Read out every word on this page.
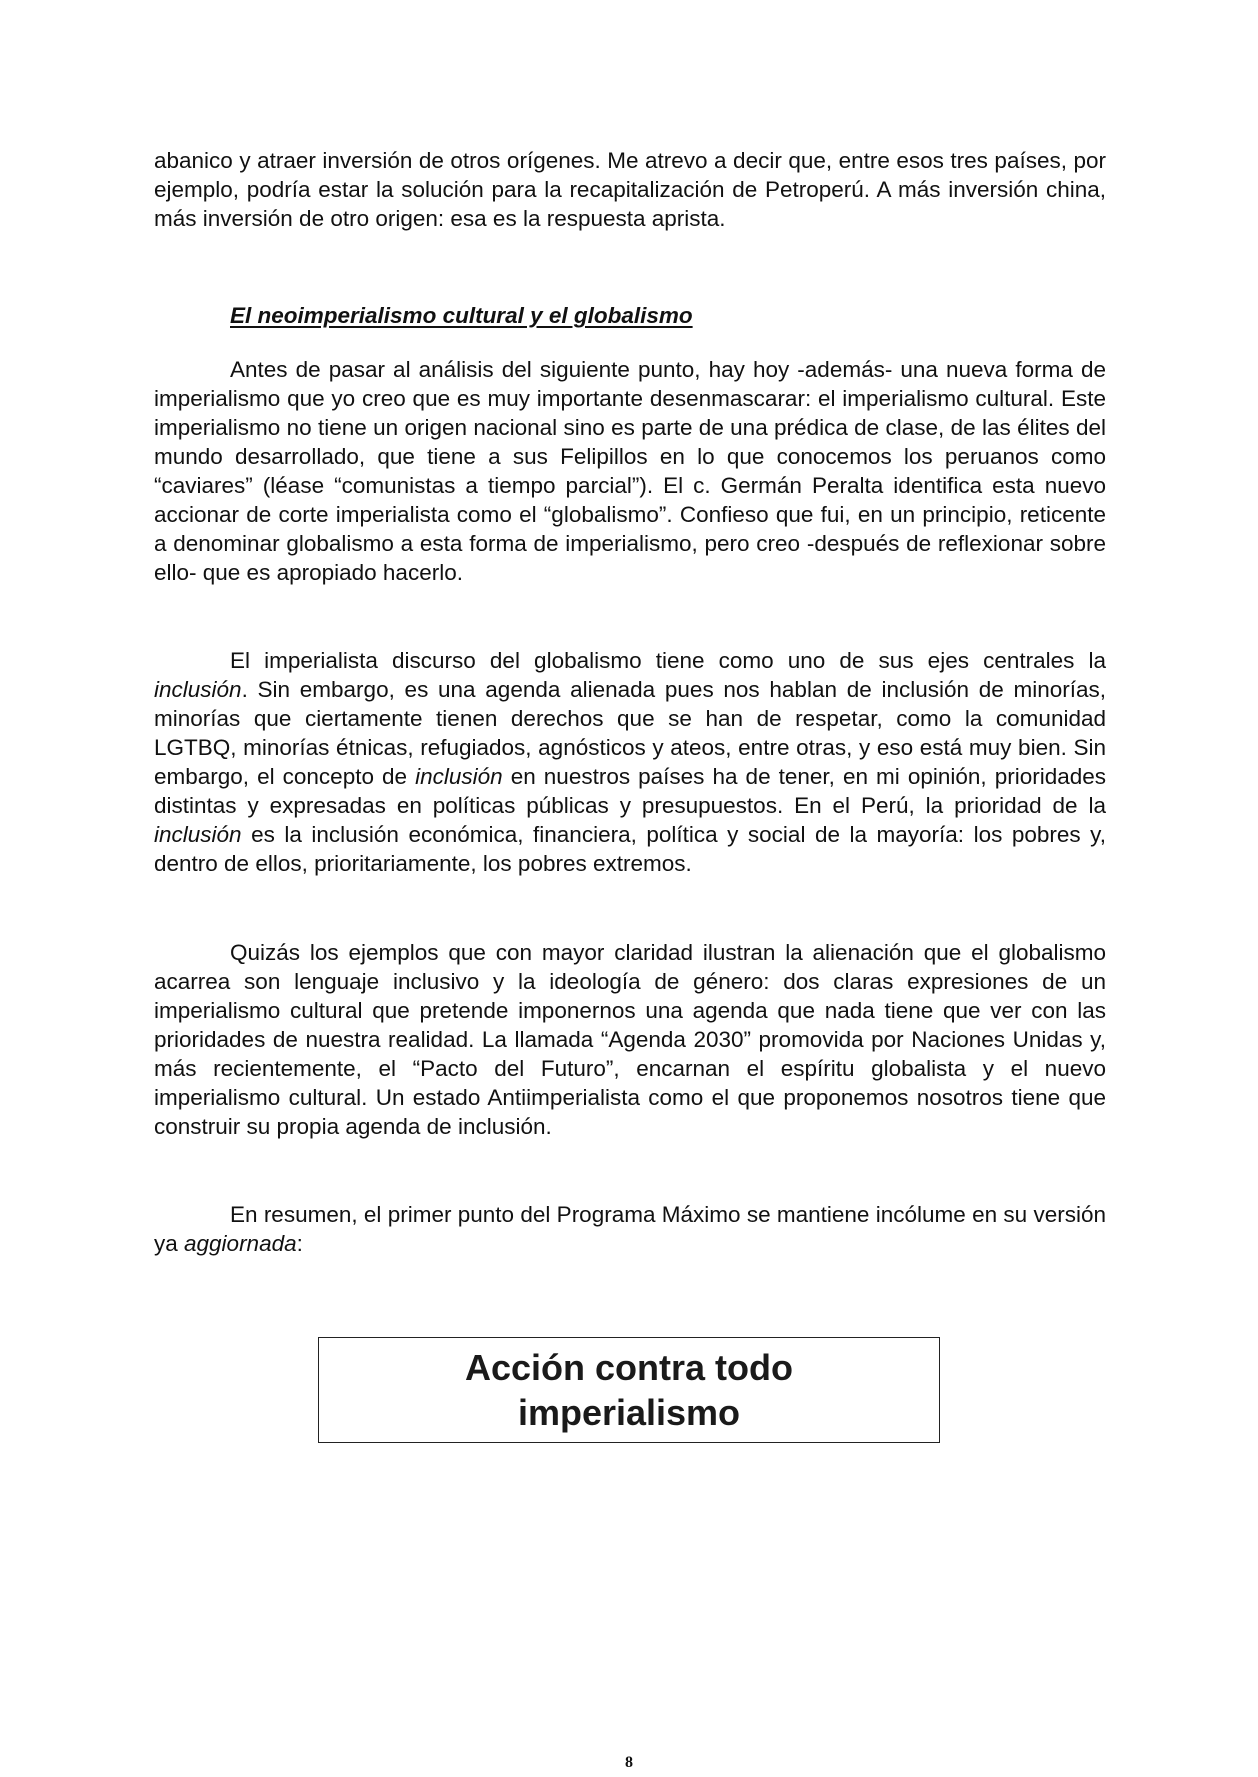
abanico y atraer inversión de otros orígenes. Me atrevo a decir que, entre esos tres países, por ejemplo, podría estar la solución para la recapitalización de Petroperú. A más inversión china, más inversión de otro origen: esa es la respuesta aprista.

El neoimperialismo cultural y el globalismo

Antes de pasar al análisis del siguiente punto, hay hoy -además- una nueva forma de imperialismo que yo creo que es muy importante desenmascarar: el imperialismo cultural. Este imperialismo no tiene un origen nacional sino es parte de una prédica de clase, de las élites del mundo desarrollado, que tiene a sus Felipillos en lo que conocemos los peruanos como “caviares” (léase “comunistas a tiempo parcial”). El c. Germán Peralta identifica esta nuevo accionar de corte imperialista como el “globalismo”. Confieso que fui, en un principio, reticente a denominar globalismo a esta forma de imperialismo, pero creo -después de reflexionar sobre ello- que es apropiado hacerlo.

El imperialista discurso del globalismo tiene como uno de sus ejes centrales la inclusión. Sin embargo, es una agenda alienada pues nos hablan de inclusión de minorías, minorías que ciertamente tienen derechos que se han de respetar, como la comunidad LGTBQ, minorías étnicas, refugiados, agnósticos y ateos, entre otras, y eso está muy bien. Sin embargo, el concepto de inclusión en nuestros países ha de tener, en mi opinión, prioridades distintas y expresadas en políticas públicas y presupuestos. En el Perú, la prioridad de la inclusión es la inclusión económica, financiera, política y social de la mayoría: los pobres y, dentro de ellos, prioritariamente, los pobres extremos.

Quizás los ejemplos que con mayor claridad ilustran la alienación que el globalismo acarrea son lenguaje inclusivo y la ideología de género: dos claras expresiones de un imperialismo cultural que pretende imponernos una agenda que nada tiene que ver con las prioridades de nuestra realidad. La llamada “Agenda 2030” promovida por Naciones Unidas y, más recientemente, el “Pacto del Futuro”, encarnan el espíritu globalista y el nuevo imperialismo cultural. Un estado Antiimperialista como el que proponemos nosotros tiene que construir su propia agenda de inclusión.

En resumen, el primer punto del Programa Máximo se mantiene incólume en su versión ya aggiornada:

Acción contra todo
imperialismo
8
